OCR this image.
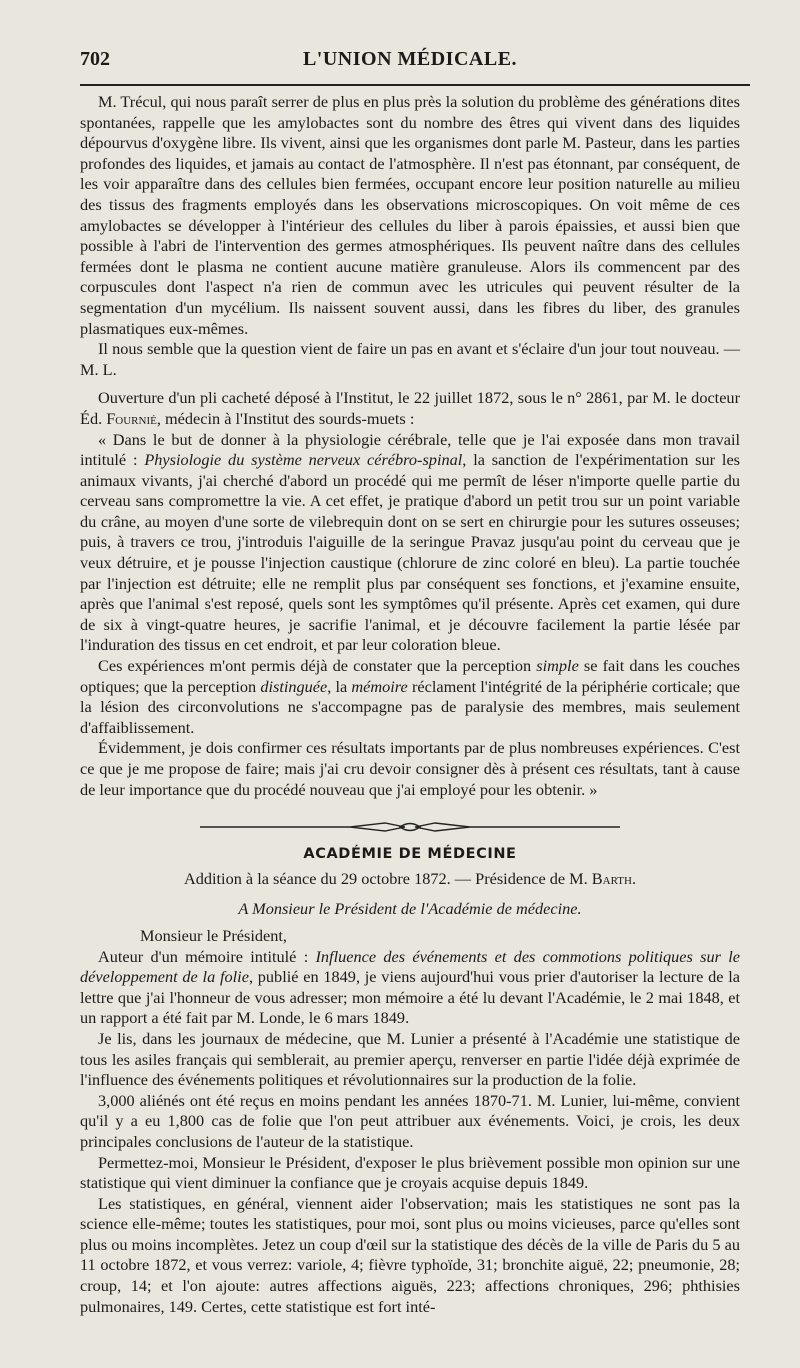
702	L'UNION MÉDICALE.

M. Trécul, qui nous paraît serrer de plus en plus près la solution du problème des générations dites spontanées, rappelle que les amylobactes sont du nombre des êtres qui vivent dans des liquides dépourvus d'oxygène libre. Ils vivent, ainsi que les organismes dont parle M. Pasteur, dans les parties profondes des liquides, et jamais au contact de l'atmosphère. Il n'est pas étonnant, par conséquent, de les voir apparaître dans des cellules bien fermées, occupant encore leur position naturelle au milieu des tissus des fragments employés dans les observations microscopiques. On voit même de ces amylobactes se développer à l'intérieur des cellules du liber à parois épaissies, et aussi bien que possible à l'abri de l'intervention des germes atmosphériques. Ils peuvent naître dans des cellules fermées dont le plasma ne contient aucune matière granuleuse. Alors ils commencent par des corpuscules dont l'aspect n'a rien de commun avec les utricules qui peuvent résulter de la segmentation d'un mycélium. Ils naissent souvent aussi, dans les fibres du liber, des granules plasmatiques eux-mêmes.

Il nous semble que la question vient de faire un pas en avant et s'éclaire d'un jour tout nouveau. — M. L.

Ouverture d'un pli cacheté déposé à l'Institut, le 22 juillet 1872, sous le n° 2861, par M. le docteur Éd. Fournié, médecin à l'Institut des sourds-muets :

« Dans le but de donner à la physiologie cérébrale, telle que je l'ai exposée dans mon travail intitulé : Physiologie du système nerveux cérébro-spinal, la sanction de l'expérimentation sur les animaux vivants, j'ai cherché d'abord un procédé qui me permît de léser n'importe quelle partie du cerveau sans compromettre la vie. A cet effet, je pratique d'abord un petit trou sur un point variable du crâne, au moyen d'une sorte de vilebrequin dont on se sert en chirurgie pour les sutures osseuses; puis, à travers ce trou, j'introduis l'aiguille de la seringue Pravaz jusqu'au point du cerveau que je veux détruire, et je pousse l'injection caustique (chlorure de zinc coloré en bleu). La partie touchée par l'injection est détruite; elle ne remplit plus par conséquent ses fonctions, et j'examine ensuite, après que l'animal s'est reposé, quels sont les symptômes qu'il présente. Après cet examen, qui dure de six à vingt-quatre heures, je sacrifie l'animal, et je découvre facilement la partie lésée par l'induration des tissus en cet endroit, et par leur coloration bleue.

Ces expériences m'ont permis déjà de constater que la perception simple se fait dans les couches optiques; que la perception distinguée, la mémoire réclament l'intégrité de la périphérie corticale; que la lésion des circonvolutions ne s'accompagne pas de paralysie des membres, mais seulement d'affaiblissement.

Évidemment, je dois confirmer ces résultats importants par de plus nombreuses expériences. C'est ce que je me propose de faire; mais j'ai cru devoir consigner dès à présent ces résultats, tant à cause de leur importance que du procédé nouveau que j'ai employé pour les obtenir. »

ACADÉMIE DE MÉDECINE
Addition à la séance du 29 octobre 1872. — Présidence de M. Barth.
A Monsieur le Président de l'Académie de médecine.

Monsieur le Président,

Auteur d'un mémoire intitulé : Influence des événements et des commotions politiques sur le développement de la folie, publié en 1849, je viens aujourd'hui vous prier d'autoriser la lecture de la lettre que j'ai l'honneur de vous adresser; mon mémoire a été lu devant l'Académie, le 2 mai 1848, et un rapport a été fait par M. Londe, le 6 mars 1849.

Je lis, dans les journaux de médecine, que M. Lunier a présenté à l'Académie une statistique de tous les asiles français qui semblerait, au premier aperçu, renverser en partie l'idée déjà exprimée de l'influence des événements politiques et révolutionnaires sur la production de la folie.

3,000 aliénés ont été reçus en moins pendant les années 1870-71. M. Lunier, lui-même, convient qu'il y a eu 1,800 cas de folie que l'on peut attribuer aux événements. Voici, je crois, les deux principales conclusions de l'auteur de la statistique.

Permettez-moi, Monsieur le Président, d'exposer le plus brièvement possible mon opinion sur une statistique qui vient diminuer la confiance que je croyais acquise depuis 1849.

Les statistiques, en général, viennent aider l'observation; mais les statistiques ne sont pas la science elle-même; toutes les statistiques, pour moi, sont plus ou moins vicieuses, parce qu'elles sont plus ou moins incomplètes. Jetez un coup d'œil sur la statistique des décès de la ville de Paris du 5 au 11 octobre 1872, et vous verrez: variole, 4; fièvre typhoïde, 31; bronchite aiguë, 22; pneumonie, 28; croup, 14; et l'on ajoute: autres affections aiguës, 223; affections chroniques, 296; phthisies pulmonaires, 149. Certes, cette statistique est fort inté-
